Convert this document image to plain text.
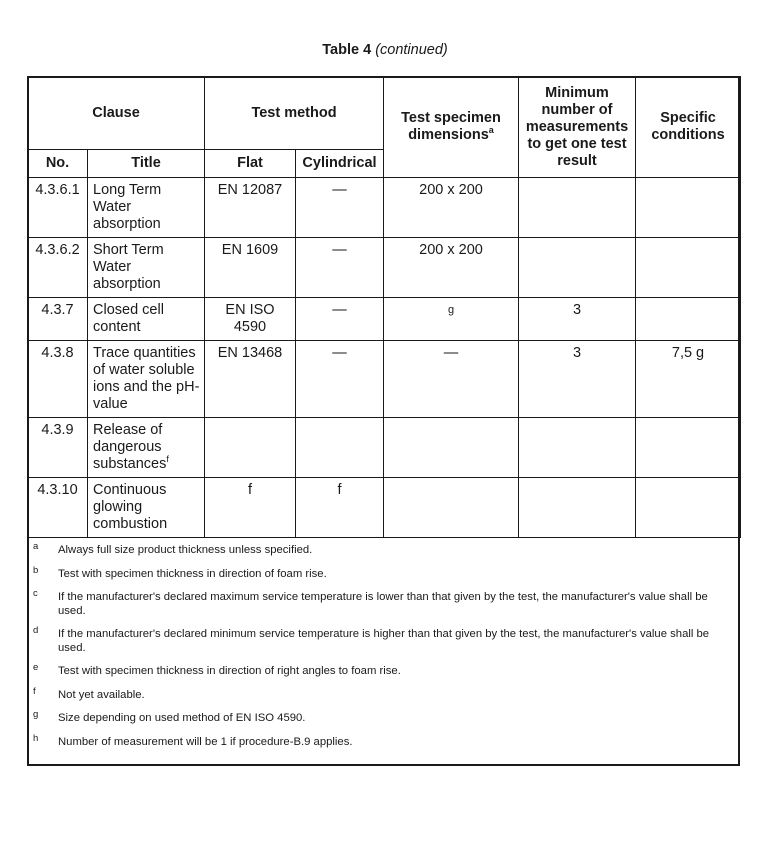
Table 4 (continued)
Clause		Test method		Test specimen dimensions$^a$	Minimum number of measurements to get one test result	Specific conditions
No.	Title	Flat	Cylindrical			
4.3.6.1	Long Term Water absorption	EN 12087	—	200 x 200		
4.3.6.2	Short Term Water absorption	EN 1609	—	200 x 200		
4.3.7	Closed cell content	EN ISO 4590	—	g	3	
4.3.8	Trace quantities of water soluble ions and the pH-value	EN 13468	—	—	3	7,5 g
4.3.9	Release of dangerous substances$^f$					
4.3.10	Continuous glowing combustion	f	f			
a Always full size product thickness unless specified.
b Test with specimen thickness in direction of foam rise.
c If the manufacturer's declared maximum service temperature is lower than that given by the test, the manufacturer's value shall be used.
d If the manufacturer's declared minimum service temperature is higher than that given by the test, the manufacturer's value shall be used.
e Test with specimen thickness in direction of right angles to foam rise.
f Not yet available.
g Size depending on used method of EN ISO 4590.
h Number of measurement will be 1 if procedure-B.9 applies.
